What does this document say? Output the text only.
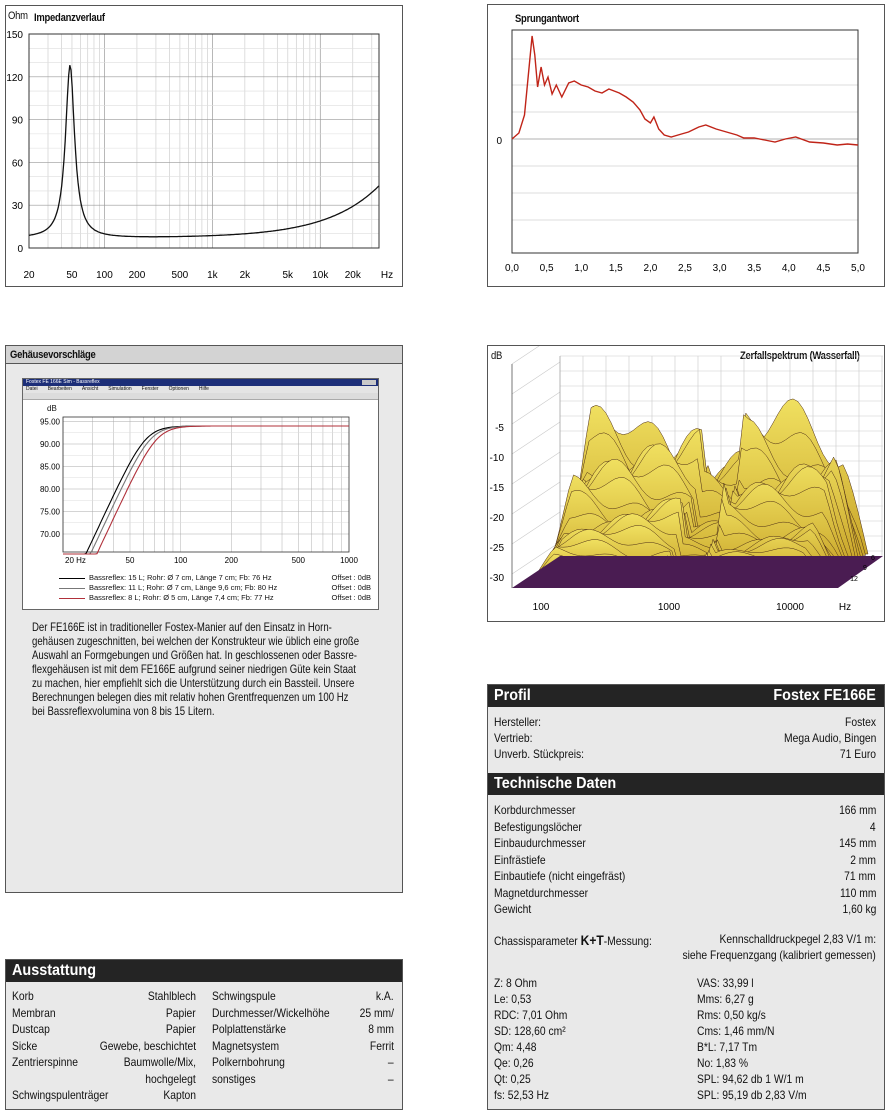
Ohm Impedanzverlauf
150
120
90
60
30
0
20	50 100 200	500 1k 2k	5k 10k 20k Hz
Sprungantwort
0
0,0 0,5 1,0 1,5 2,0 2,5 3,0 3,5 4,0 4,5 5,0
Gehäusevorschläge
Fostex FE 166E Sim - Bassreflex
Datei Bearbeiten Ansicht Simulation Fenster Optionen Hilfe
dB
95.00
90.00
85.00
80.00
75.00
70.00
20 Hz	50	100	200	500	1000
Bassreflex: 15 L; Rohr: Ø 7 cm, Länge 7 cm; Fb: 76 Hz	Offset : 0dB
Bassreflex: 11 L; Rohr: Ø 7 cm, Länge 9,6 cm; Fb: 80 Hz	Offset : 0dB
Bassreflex: 8 L; Rohr: Ø 5 cm, Länge 7,4 cm; Fb: 77 Hz	Offset : 0dB
Der FE166E ist in traditioneller Fostex-Manier auf den Einsatz in Horn-
gehäusen zugeschnitten, bei welchen der Konstrukteur wie üblich eine große
Auswahl an Formgebungen und Größen hat. In geschlossenen oder Bassre-
flexgehäusen ist mit dem FE166E aufgrund seiner niedrigen Güte kein Staat
zu machen, hier empfiehlt sich die Unterstützung durch ein Bassteil. Unsere
Berechnungen belegen dies mit relativ hohen Grentfrequenzen um 100 Hz
bei Bassreflexvolumina von 8 bis 15 Litern.
dB	Zerfallspektrum (Wasserfall)
-5
-10
-15
-20
-25
-30
100	1000	10000	Hz
6
9
12
Profil	Fostex FE166E
Hersteller:	Fostex
Vertrieb:	Mega Audio, Bingen
Unverb. Stückpreis:	71 Euro
Technische Daten
Korbdurchmesser	166 mm
Befestigungslöcher	4
Einbaudurchmesser	145 mm
Einfrästiefe	2 mm
Einbautiefe (nicht eingefräst)	71 mm
Magnetdurchmesser	110 mm
Gewicht	1,60 kg
Chassisparameter K+T-Messung:	Kennschalldruckpegel 2,83 V/1 m:
siehe Frequenzgang (kalibriert gemessen)
Z: 8 Ohm
Le: 0,53
RDC: 7,01 Ohm
SD: 128,60 cm²
Qm: 4,48
Qe: 0,26
Qt: 0,25
fs: 52,53 Hz
VAS: 33,99 l
Mms: 6,27 g
Rms: 0,50 kg/s
Cms: 1,46 mm/N
B*L: 7,17 Tm
No: 1,83 %
SPL: 94,62 db 1 W/1 m
SPL: 95,19 db 2,83 V/m
Ausstattung
Korb	Stahlblech
Membran	Papier
Dustcap	Papier
Sicke	Gewebe, beschichtet
Zentrierspinne	Baumwolle/Mix,
hochgelegt
Schwingspulenträger	Kapton
Schwingspule	k.A.
Durchmesser/Wickelhöhe	25 mm/
Polplattenstärke	8 mm
Magnetsystem	Ferrit
Polkernbohrung	–
sonstiges	–
